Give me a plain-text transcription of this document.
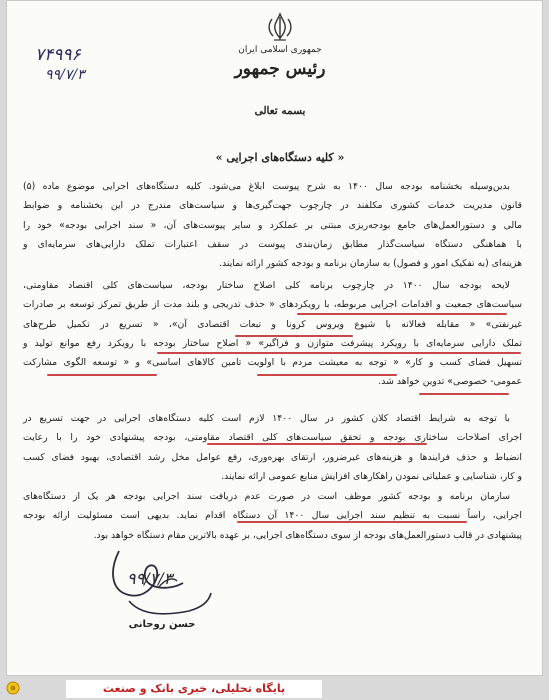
جمهوری اسلامی ایران
رئیس جمهور
۷۴۹۹۶
۹۹/۷/۳
بسمه تعالی
« کلیه دستگاه‌های اجرایی »
بدین‌وسیله بخشنامه بودجه سال ۱۴۰۰ به شرح پیوست ابلاغ می‌شود. کلیه دستگاه‌های اجرایی موضوع ماده (۵)
قانون مدیریت خدمات کشوری مکلفند در چارچوب جهت‌گیری‌ها و سیاست‌های مندرج در این بخشنامه و ضوابط
مالی و دستورالعمل‌های جامع بودجه‌ریزی مبتنی بر عملکرد و سایر پیوست‌های آن، « سند اجرایی بودجه» خود را
با هماهنگی دستگاه سیاست‌گذار مطابق زمان‌بندی پیوست در سقف اعتبارات تملک دارایی‌های سرمایه‌ای و
هزینه‌ای (به تفکیک امور و فصول) به سازمان برنامه و بودجه کشور ارائه نمایند.
لایحه بودجه سال ۱۴۰۰ در چارچوب برنامه کلی اصلاح ساختار بودجه، سیاست‌های کلی اقتصاد مقاومتی،
سیاست‌های جمعیت و اقدامات اجرایی مربوطه، با رویکردهای « حذف تدریجی و بلند مدت از طریق تمرکز توسعه بر صادرات
غیرنفتی» « مقابله فعالانه با شیوع ویروس کرونا و تبعات اقتصادی آن»، « تسریع در تکمیل طرح‌های
تملک دارایی سرمایه‌ای با رویکرد پیشرفت متوازن و فراگیر» « اصلاح ساختار بودجه با رویکرد رفع موانع تولید و
تسهیل فضای کسب و کار» « توجه به معیشت مردم با اولویت تامین کالاهای اساسی» و « توسعه الگوی مشارکت
عمومی- خصوصی» تدوین خواهد شد.
با توجه به شرایط اقتصاد کلان کشور در سال ۱۴۰۰ لازم است کلیه دستگاه‌های اجرایی در جهت تسریع در
اجرای اصلاحات ساختاری بودجه و تحقق سیاست‌های کلی اقتصاد مقاومتی، بودجه پیشنهادی خود را با رعایت
انضباط و حذف فرایندها و هزینه‌های غیرضرور، ارتقای بهره‌وری، رفع عوامل مخل رشد اقتصادی، بهبود فضای کسب
و کار، شناسایی و عملیاتی نمودن راهکارهای افزایش منابع عمومی ارائه نمایند.
سازمان برنامه و بودجه کشور موظف است در صورت عدم دریافت سند اجرایی بودجه هر یک از دستگاه‌های
اجرایی، راساً نسبت به تنظیم سند اجرایی سال ۱۴۰۰ آن دستگاه اقدام نماید. بدیهی است مسئولیت ارائه بودجه
پیشنهادی در قالب دستورالعمل‌های بودجه از سوی دستگاه‌های اجرایی، بر عهده بالاترین مقام دستگاه خواهد بود.
۹۹/۷/۳
حسن روحانی
پایگاه تحلیلی، خبری بانک و صنعت
